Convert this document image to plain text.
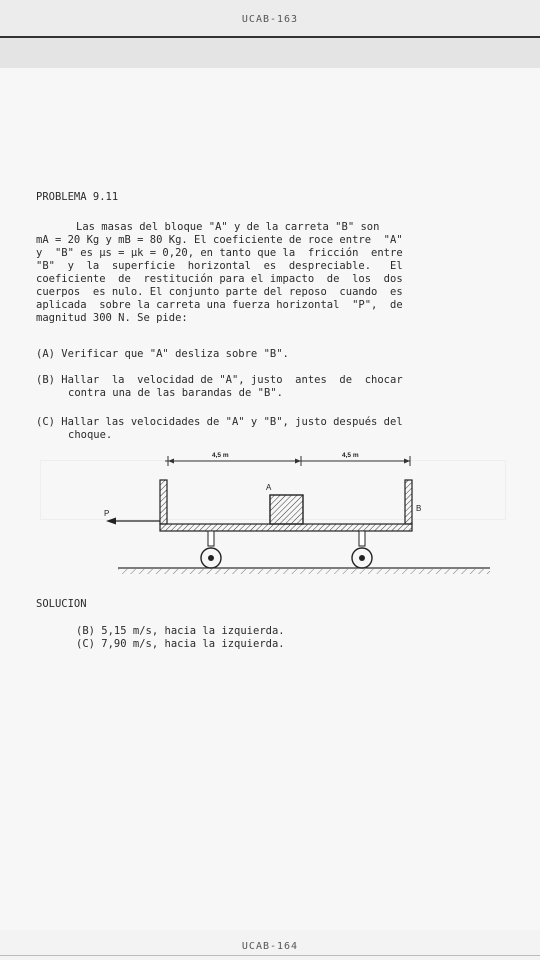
UCAB-163
PROBLEMA 9.11
Las masas del bloque "A" y de la carreta "B" son
mA = 20 Kg y mB = 80 Kg. El coeficiente de roce entre  "A"
y  "B" es μs = μk = 0,20, en tanto que la  fricción  entre
"B"  y  la  superficie  horizontal  es  despreciable.   El
coeficiente  de  restitución para el impacto  de  los  dos
cuerpos  es nulo. El conjunto parte del reposo  cuando  es
aplicada  sobre la carreta una fuerza horizontal  "P",  de
magnitud 300 N. Se pide:
(A) Verificar que "A" desliza sobre "B".
(B) Hallar  la  velocidad de "A", justo  antes  de  chocar
contra una de las barandas de "B".
(C) Hallar las velocidades de "A" y "B", justo después del
choque.
SOLUCION
(B) 5,15 m/s, hacia la izquierda.
(C) 7,90 m/s, hacia la izquierda.
4,5 m	4,5 m
A
B
P
UCAB-164
